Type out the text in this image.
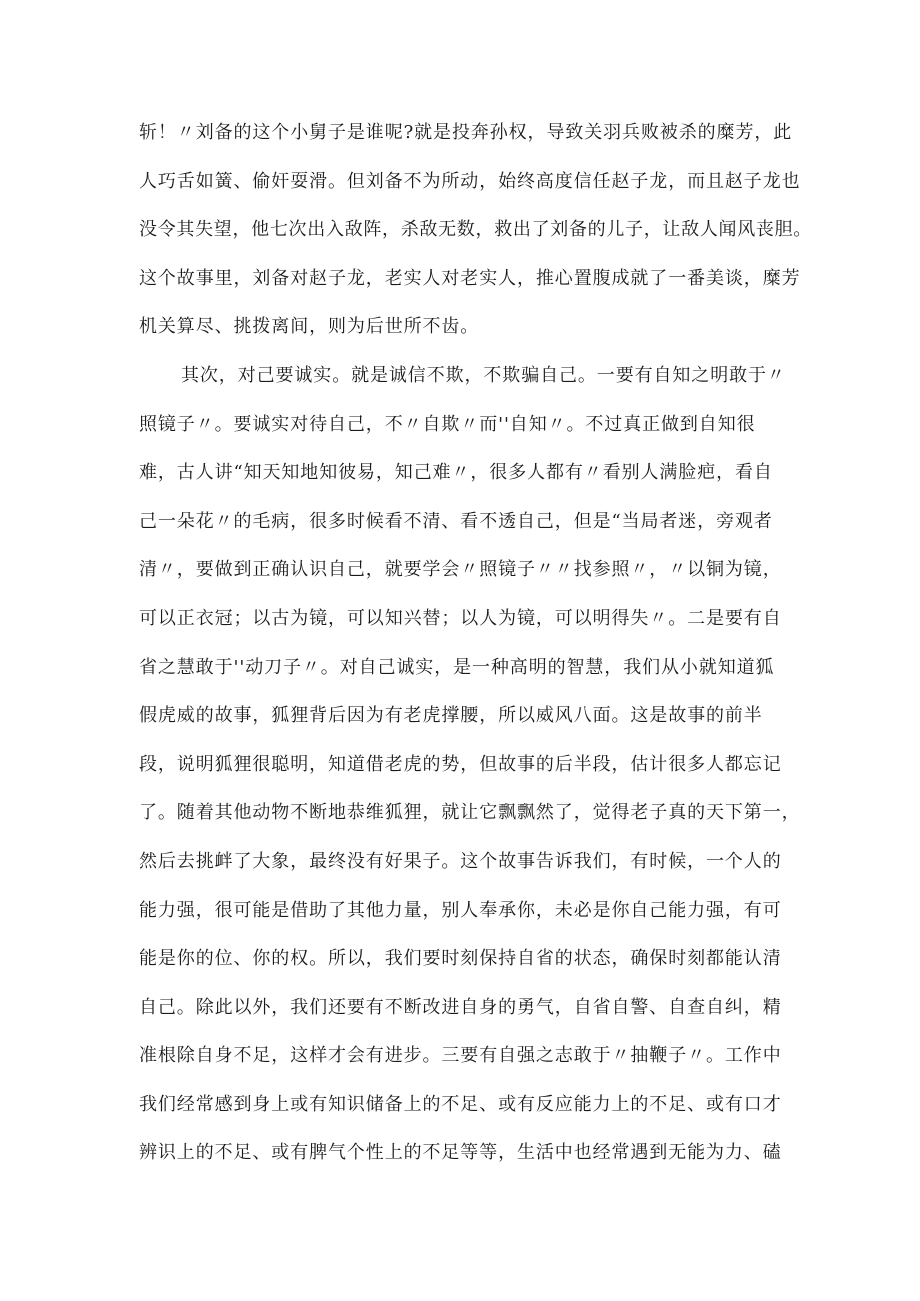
斩！〃刘备的这个小舅子是谁呢?就是投奔孙权，导致关羽兵败被杀的糜芳，此
人巧舌如簧、偷奸耍滑。但刘备不为所动，始终高度信任赵子龙，而且赵子龙也
没令其失望，他七次出入敌阵，杀敌无数，救出了刘备的儿子，让敌人闻风丧胆。
这个故事里，刘备对赵子龙，老实人对老实人，推心置腹成就了一番美谈，糜芳
机关算尽、挑拨离间，则为后世所不齿。
其次，对己要诚实。就是诚信不欺，不欺骗自己。一要有自知之明敢于〃
照镜子〃。要诚实对待自己，不〃自欺〃而''自知〃。不过真正做到自知很
难，古人讲“知天知地知彼易，知己难〃，很多人都有〃看别人满脸疤，看自
己一朵花〃的毛病，很多时候看不清、看不透自己，但是“当局者迷，旁观者
清〃，要做到正确认识自己，就要学会〃照镜子〃〃找参照〃，〃以铜为镜，
可以正衣冠；以古为镜，可以知兴替；以人为镜，可以明得失〃。二是要有自
省之慧敢于''动刀子〃。对自己诚实，是一种高明的智慧，我们从小就知道狐
假虎威的故事，狐狸背后因为有老虎撑腰，所以威风八面。这是故事的前半
段，说明狐狸很聪明，知道借老虎的势，但故事的后半段，估计很多人都忘记
了。随着其他动物不断地恭维狐狸，就让它飘飘然了，觉得老子真的天下第一，
然后去挑衅了大象，最终没有好果子。这个故事告诉我们，有时候，一个人的
能力强，很可能是借助了其他力量，别人奉承你，未必是你自己能力强，有可
能是你的位、你的权。所以，我们要时刻保持自省的状态，确保时刻都能认清
自己。除此以外，我们还要有不断改进自身的勇气，自省自警、自查自纠，精
准根除自身不足，这样才会有进步。三要有自强之志敢于〃抽鞭子〃。工作中
我们经常感到身上或有知识储备上的不足、或有反应能力上的不足、或有口才
辨识上的不足、或有脾气个性上的不足等等，生活中也经常遇到无能为力、磕
